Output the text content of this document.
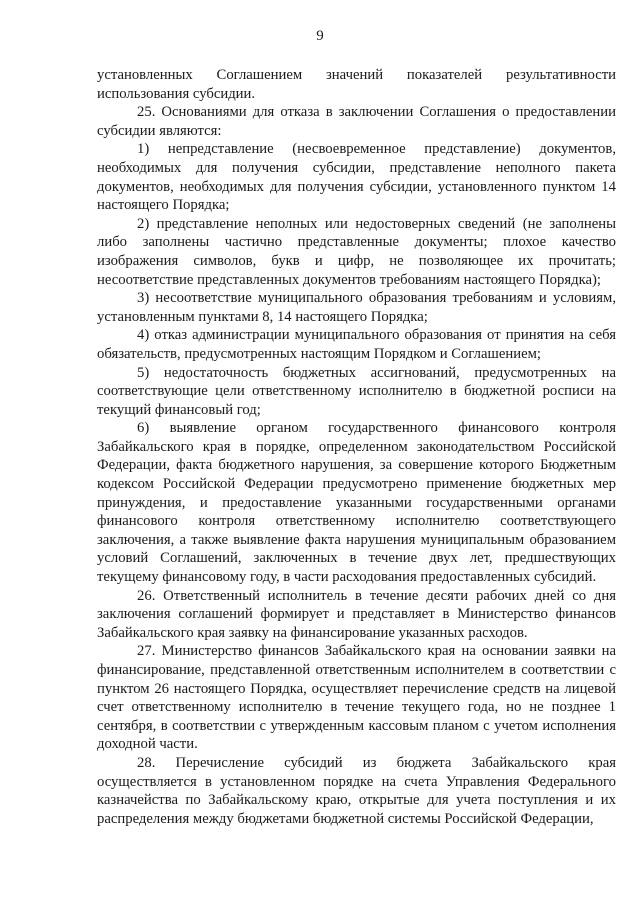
9

установленных Соглашением значений показателей результативности использования субсидии.

25. Основаниями для отказа в заключении Соглашения о предоставлении субсидии являются:

1) непредставление (несвоевременное представление) документов, необходимых для получения субсидии, представление неполного пакета документов, необходимых для получения субсидии, установленного пунктом 14 настоящего Порядка;

2) представление неполных или недостоверных сведений (не заполнены либо заполнены частично представленные документы; плохое качество изображения символов, букв и цифр, не позволяющее их прочитать; несоответствие представленных документов требованиям настоящего Порядка);

3) несоответствие муниципального образования требованиям и условиям, установленным пунктами 8, 14 настоящего Порядка;

4) отказ администрации муниципального образования от принятия на себя обязательств, предусмотренных настоящим Порядком и Соглашением;

5) недостаточность бюджетных ассигнований, предусмотренных на соответствующие цели ответственному исполнителю в бюджетной росписи на текущий финансовый год;

6) выявление органом государственного финансового контроля Забайкальского края в порядке, определенном законодательством Российской Федерации, факта бюджетного нарушения, за совершение которого Бюджетным кодексом Российской Федерации предусмотрено применение бюджетных мер принуждения, и предоставление указанными государственными органами финансового контроля ответственному исполнителю соответствующего заключения, а также выявление факта нарушения муниципальным образованием условий Соглашений, заключенных в течение двух лет, предшествующих текущему финансовому году, в части расходования предоставленных субсидий.

26. Ответственный исполнитель в течение десяти рабочих дней со дня заключения соглашений формирует и представляет в Министерство финансов Забайкальского края заявку на финансирование указанных расходов.

27. Министерство финансов Забайкальского края на основании заявки на финансирование, представленной ответственным исполнителем в соответствии с пунктом 26 настоящего Порядка, осуществляет перечисление средств на лицевой счет ответственному исполнителю в течение текущего года, но не позднее 1 сентября, в соответствии с утвержденным кассовым планом с учетом исполнения доходной части.

28. Перечисление субсидий из бюджета Забайкальского края осуществляется в установленном порядке на счета Управления Федерального казначейства по Забайкальскому краю, открытые для учета поступления и их распределения между бюджетами бюджетной системы Российской Федерации,
